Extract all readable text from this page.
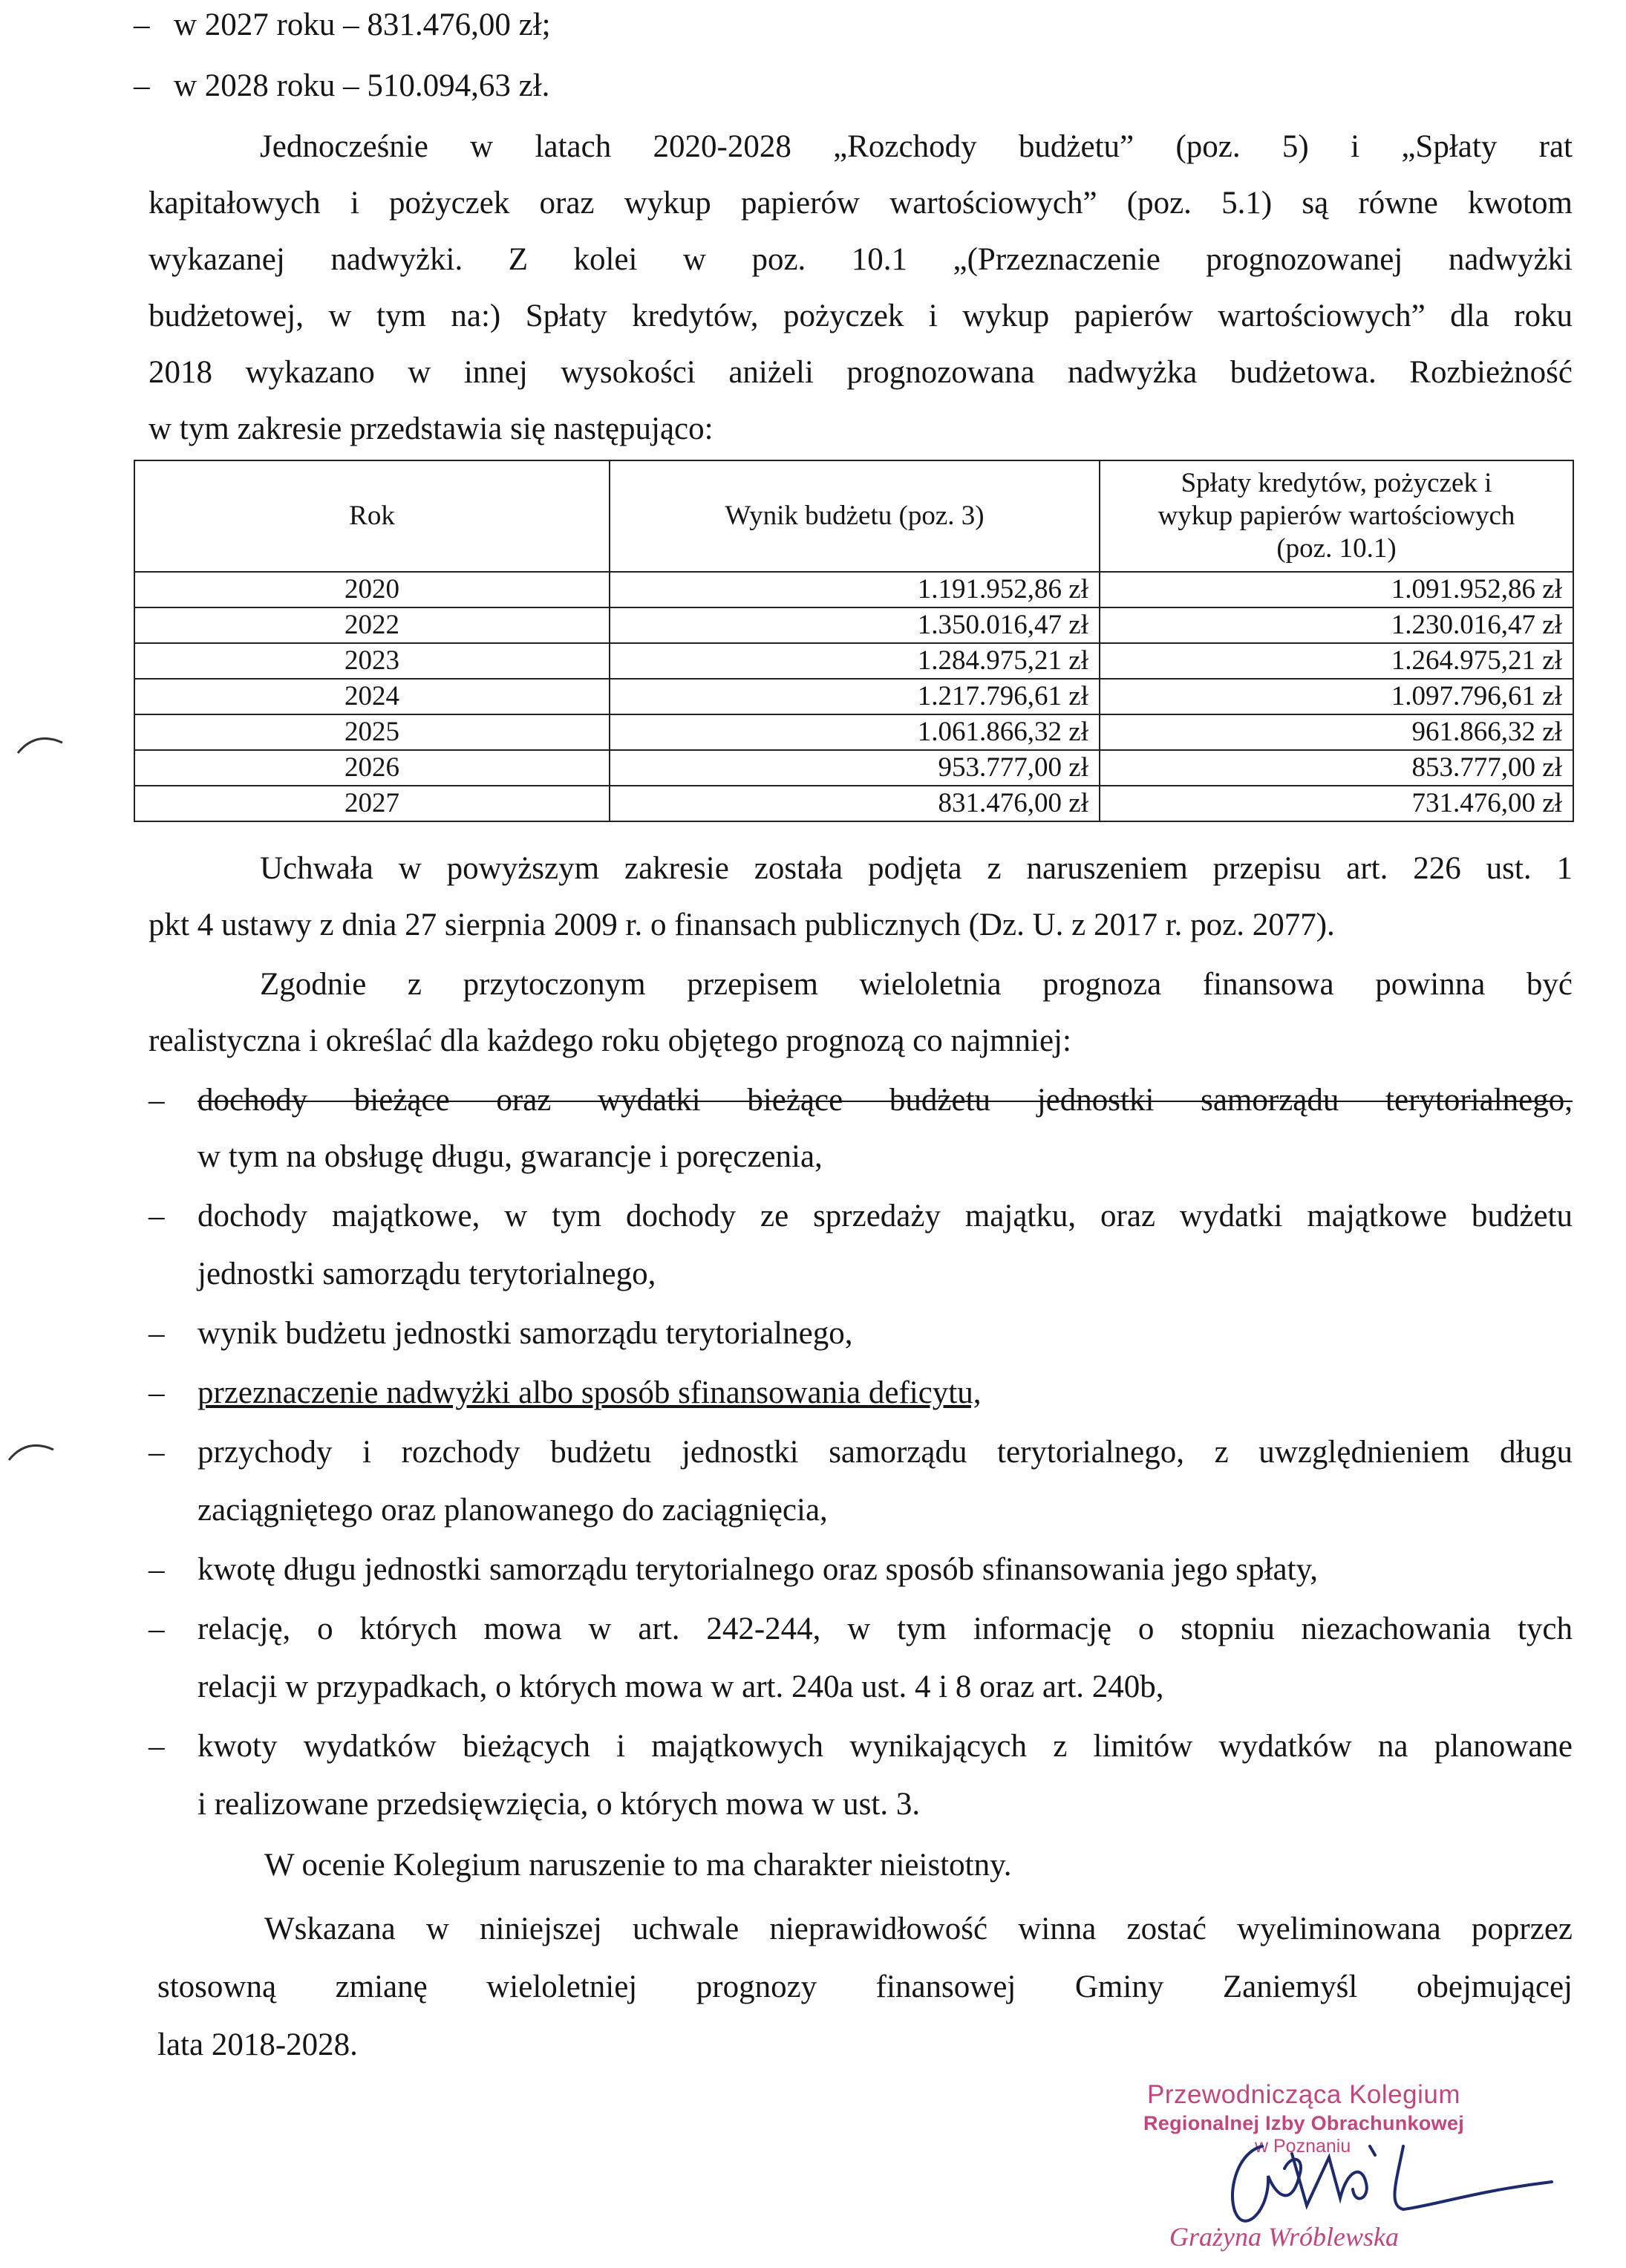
– w 2027 roku – 831.476,00 zł;
– w 2028 roku – 510.094,63 zł.
Jednocześnie w latach 2020-2028 „Rozchody budżetu” (poz. 5) i „Spłaty rat
kapitałowych i pożyczek oraz wykup papierów wartościowych” (poz. 5.1) są równe kwotom
wykazanej nadwyżki. Z kolei w poz. 10.1 „(Przeznaczenie prognozowanej nadwyżki
budżetowej, w tym na:) Spłaty kredytów, pożyczek i wykup papierów wartościowych” dla roku
2018 wykazano w innej wysokości aniżeli prognozowana nadwyżka budżetowa. Rozbieżność
w tym zakresie przedstawia się następująco:
Rok	Wynik budżetu (poz. 3)	Spłaty kredytów, pożyczek i
wykup papierów wartościowych
(poz. 10.1)
2020	1.191.952,86 zł	1.091.952,86 zł
2022	1.350.016,47 zł	1.230.016,47 zł
2023	1.284.975,21 zł	1.264.975,21 zł
2024	1.217.796,61 zł	1.097.796,61 zł
2025	1.061.866,32 zł	961.866,32 zł
2026	953.777,00 zł	853.777,00 zł
2027	831.476,00 zł	731.476,00 zł
Uchwała w powyższym zakresie została podjęta z naruszeniem przepisu art. 226 ust. 1
pkt 4 ustawy z dnia 27 sierpnia 2009 r. o finansach publicznych (Dz. U. z 2017 r. poz. 2077).
Zgodnie z przytoczonym przepisem wieloletnia prognoza finansowa powinna być
realistyczna i określać dla każdego roku objętego prognozą co najmniej:
– dochody bieżące oraz wydatki bieżące budżetu jednostki samorządu terytorialnego,
w tym na obsługę długu, gwarancje i poręczenia,
– dochody majątkowe, w tym dochody ze sprzedaży majątku, oraz wydatki majątkowe budżetu
jednostki samorządu terytorialnego,
– wynik budżetu jednostki samorządu terytorialnego,
– przeznaczenie nadwyżki albo sposób sfinansowania deficytu,
– przychody i rozchody budżetu jednostki samorządu terytorialnego, z uwzględnieniem długu
zaciągniętego oraz planowanego do zaciągnięcia,
– kwotę długu jednostki samorządu terytorialnego oraz sposób sfinansowania jego spłaty,
– relację, o których mowa w art. 242-244, w tym informację o stopniu niezachowania tych
relacji w przypadkach, o których mowa w art. 240a ust. 4 i 8 oraz art. 240b,
– kwoty wydatków bieżących i majątkowych wynikających z limitów wydatków na planowane
i realizowane przedsięwzięcia, o których mowa w ust. 3.
W ocenie Kolegium naruszenie to ma charakter nieistotny.
Wskazana w niniejszej uchwale nieprawidłowość winna zostać wyeliminowana poprzez
stosowną zmianę wieloletniej prognozy finansowej Gminy Zaniemyśl obejmującej
lata 2018-2028.
Przewodnicząca Kolegium
Regionalnej Izby Obrachunkowej
w Poznaniu
Grażyna Wróblewska
